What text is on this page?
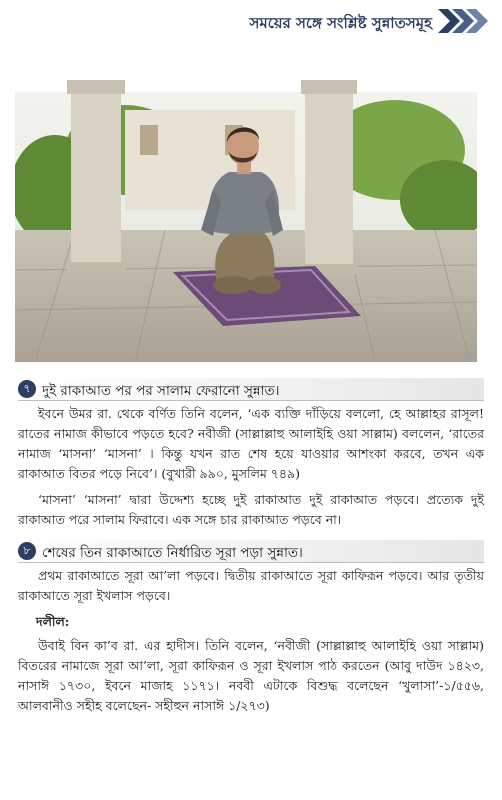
সময়ের সঙ্গে সংশ্লিষ্ট সুন্নাতসমূহ
৭ দুই রাকাআত পর পর সালাম ফেরানো সুন্নাত।

ইবনে উমর রা. থেকে বর্ণিত তিনি বলেন, ‘এক ব্যক্তি দাঁড়িয়ে বললো, হে আল্লাহর রাসূল! রাতের নামাজ কীভাবে পড়তে হবে? নবীজী (সাল্লাল্লাহু আলাইহি ওয়া সাল্লাম) বললেন, ‘রাতের নামাজ ‘মাসনা’ ‘মাসনা’ । কিন্তু যখন রাত শেষ হয়ে যাওয়ার আশংকা করবে, তখন এক রাকাআত বিতর পড়ে নিবে’। (বুখারী ৯৯০, মুসলিম ৭৪৯)

‘মাসনা’ ‘মাসনা’ দ্বারা উদ্দেশ্য হচ্ছে দুই রাকাআত দুই রাকাআত পড়বে। প্রত্যেক দুই রাকাআত পরে সালাম ফিরাবে। এক সঙ্গে চার রাকাআত পড়বে না।

৮ শেষের তিন রাকাআতে নির্ধারিত সূরা পড়া সুন্নাত।

প্রথম রাকাআতে সূরা আ’লা পড়বে। দ্বিতীয় রাকাআতে সূরা কাফিরূন পড়বে। আর তৃতীয় রাকাআতে সূরা ইখলাস পড়বে।

দলীল:

উবাই বিন কা’ব রা. এর হাদীস। তিনি বলেন, ‘নবীজী (সাল্লাল্লাহু আলাইহি ওয়া সাল্লাম) বিতরের নামাজে সূরা আ’লা, সূরা কাফিরূন ও সূরা ইখলাস পাঠ করতেন (আবু দাউদ ১৪২৩, নাসাঈ ১৭৩০, ইবনে মাজাহ ১১৭১। নববী এটাকে বিশুদ্ধ বলেছেন ‘খুলাসা’-১/৫৫৬, আলবানীও সহীহ বলেছেন- সহীহুন নাসাঈ ১/২৭৩)
